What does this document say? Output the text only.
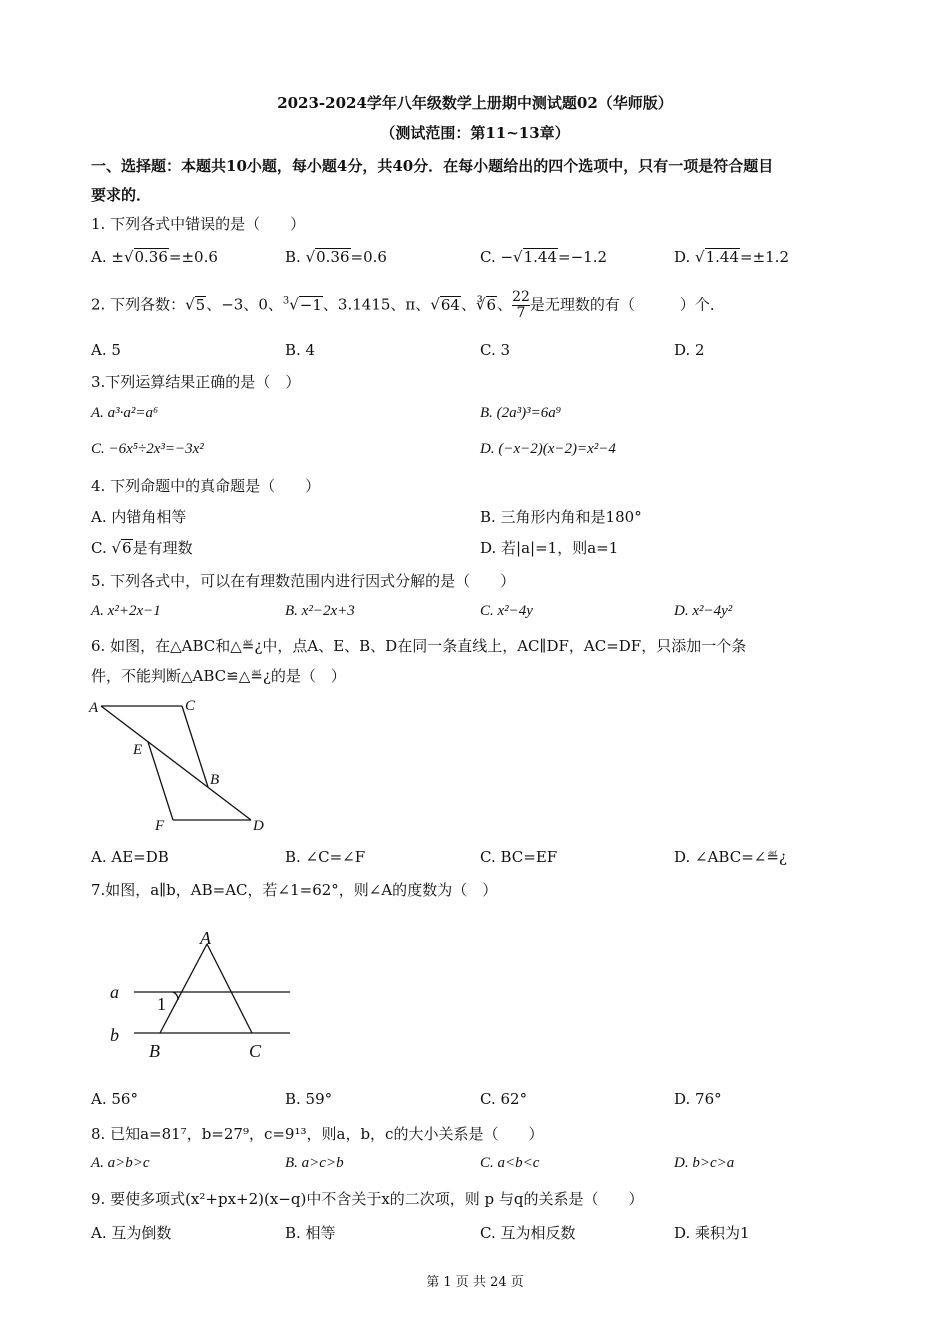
2023-2024学年八年级数学上册期中测试题02（华师版）
（测试范围：第11~13章）
一、选择题：本题共10小题，每小题4分，共40分．在每小题给出的四个选项中，只有一项是符合题目
要求的．
1. 下列各式中错误的是（　　）
A. ±√0.36=±0.6	B. √0.36=0.6	C. −√1.44=−1.2	D. √1.44=±1.2
2. 下列各数：√5、−3、0、$^3$√−1、3.1415、π、√64、∛6、 $\frac{22}{7}$ 是无理数的有（　　　）个．
A. 5	B. 4	C. 3	D. 2
3.下列运算结果正确的是（　）
A. a³·a²=a⁶	B. (2a³)³=6a⁹
C. −6x⁵÷2x³=−3x²	D. (−x−2)(x−2)=x²−4
4. 下列命题中的真命题是（　　）
A. 内错角相等	B. 三角形内角和是180°
C. √6是有理数	D. 若|a|=1，则a=1
5. 下列各式中，可以在有理数范围内进行因式分解的是（　　）
A. x²+2x−1	B. x²−2x+3	C. x²−4y	D. x²−4y²
6. 如图，在△ABC和△≝¿中，点A、E、B、D在同一条直线上，AC∥DF，AC=DF，只添加一个条
件，不能判断△ABC≌△≝¿的是（　）
A	C
E
B
F	D
A. AE=DB	B. ∠C=∠F	C. BC=EF	D. ∠ABC=∠≝¿
7.如图，a∥b，AB=AC，若∠1=62°，则∠A的度数为（　）
A
a
1
b
B	C
A. 56°	B. 59°	C. 62°	D. 76°
8. 已知a=81⁷，b=27⁹，c=9¹³，则a，b，c的大小关系是（　　）
A. a>b>c	B. a>c>b	C. a<b<c	D. b>c>a
9. 要使多项式(x²+px+2)(x−q)中不含关于x的二次项，则 p 与q的关系是（　　）
A. 互为倒数	B. 相等	C. 互为相反数	D. 乘积为1
第 1 页 共 24 页
